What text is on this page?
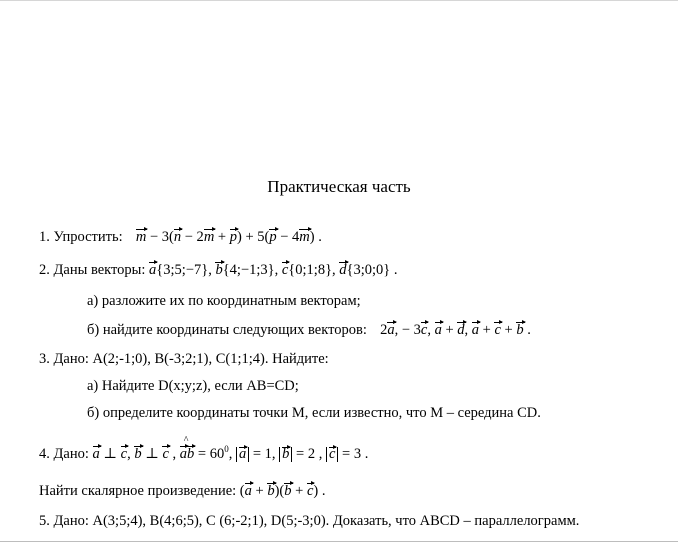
Практическая часть
1. Упростить: m − 3(n − 2m + p) + 5(p − 4m) .
2. Даны векторы: a{3;5;−7}, b{4;−1;3}, c{0;1;8}, d{3;0;0} .
a) разложите их по координатным векторам;
б) найдите координаты следующих векторов: 2a, − 3c, a + d, a + c + b .
3. Дано: A(2;-1;0), B(-3;2;1), C(1;1;4). Найдите:
а) Найдите D(x;y;z), если AB=CD;
б) определите координаты точки M, если известно, что M – середина CD.
4. Дано: a ⊥ c, b ⊥ c , ^ ab = $60^0$, a = 1, b = 2 , c = 3 .
Найти скалярное произведение: (a + b)(b + c) .
5. Дано: A(3;5;4), B(4;6;5), C (6;-2;1), D(5;-3;0). Доказать, что ABCD – параллелограмм.
